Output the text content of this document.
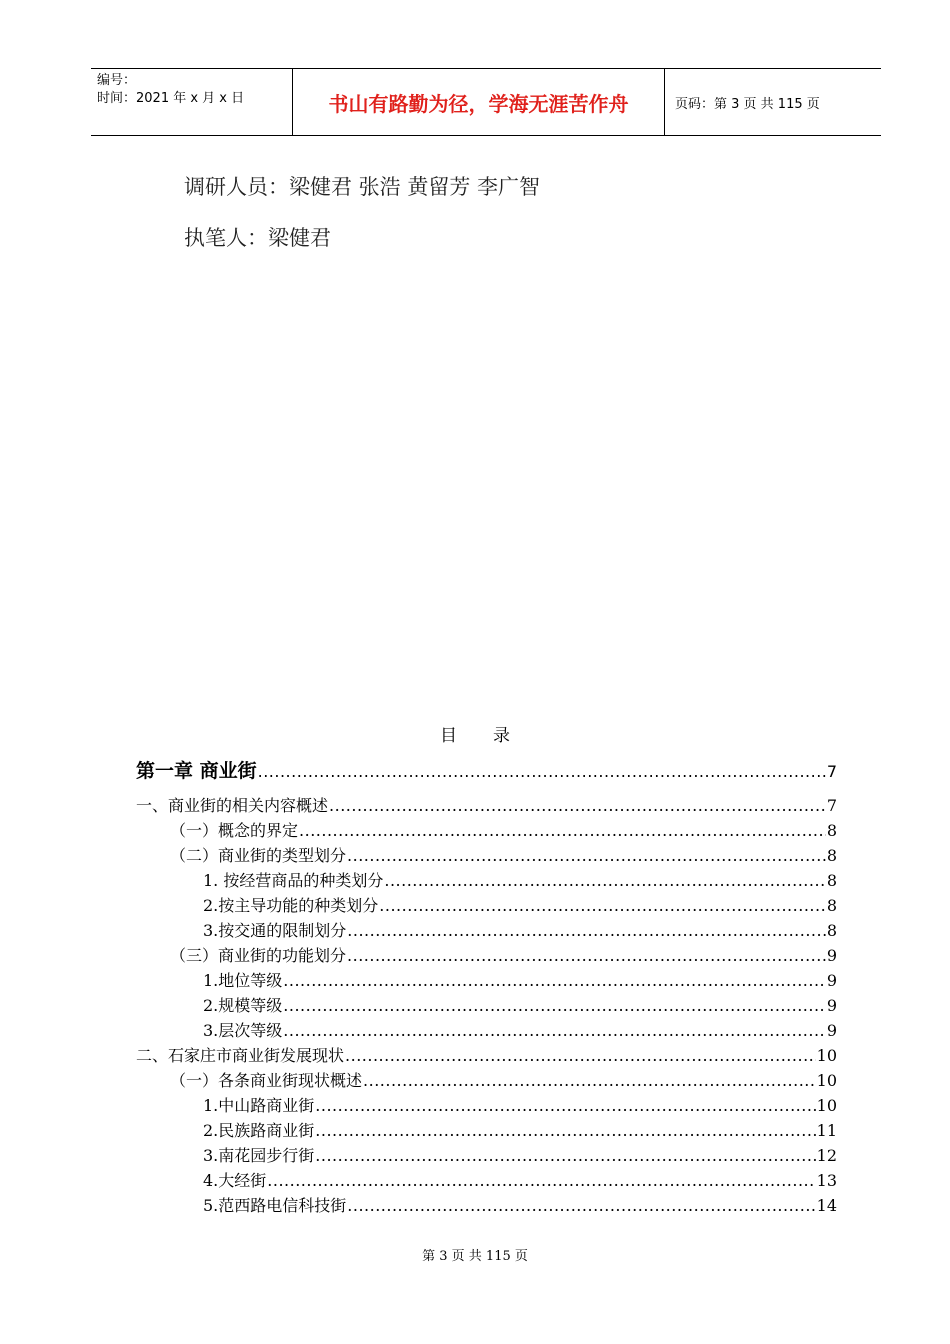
编号：
时间：2021 年 x 月 x 日	书山有路勤为径，学海无涯苦作舟	页码：第 3 页 共 115 页
调研人员：梁健君 张浩 黄留芳 李广智
执笔人：梁健君
目 录
第一章 商业街 .....	7
一、商业街的相关内容概述 .....	7
（一）概念的界定 .....	8
（二）商业街的类型划分 .....	8
1. 按经营商品的种类划分 .....	8
2.按主导功能的种类划分 .....	8
3.按交通的限制划分 .....	8
（三）商业街的功能划分 .....	9
1.地位等级 .....	9
2.规模等级 .....	9
3.层次等级 .....	9
二、石家庄市商业街发展现状 .....	10
（一）各条商业街现状概述 .....	10
1.中山路商业街 .....	10
2.民族路商业街 .....	11
3.南花园步行街 .....	12
4.大经街 .....	13
5.范西路电信科技街 .....	14
第 3 页 共 115 页
